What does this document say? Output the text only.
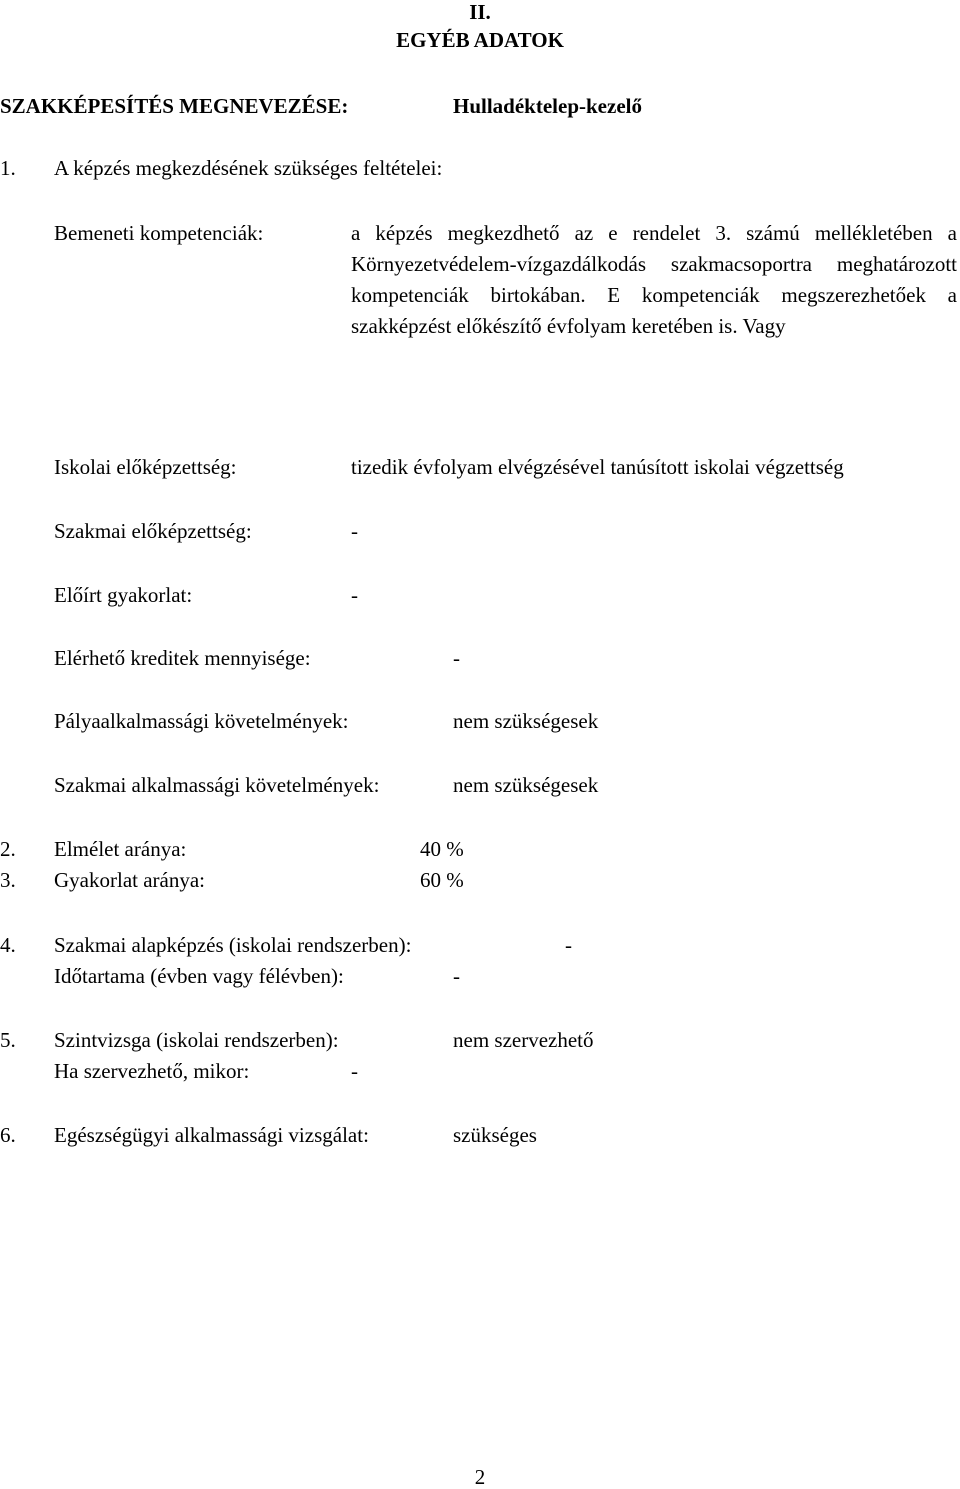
II.

EGYÉB ADATOK

SZAKKÉPESÍTÉS MEGNEVEZÉSE:	Hulladéktelep-kezelő

1. A képzés megkezdésének szükséges feltételei:

Bemeneti kompetenciák:	a képzés megkezdhető az e rendelet 3. számú mellékletében a Környezetvédelem-vízgazdálkodás szakmacsoportra meghatározott kompetenciák birtokában. E kompetenciák megszerezhetőek a szakképzést előkészítő évfolyam keretében is. Vagy

Iskolai előképzettség:	tizedik évfolyam elvégzésével tanúsított iskolai végzettség

Szakmai előképzettség:	-

Előírt gyakorlat:	-

Elérhető kreditek mennyisége:	-

Pályaalkalmassági követelmények:	nem szükségesek

Szakmai alkalmassági követelmények:	nem szükségesek

2. Elmélet aránya:	40 %

3. Gyakorlat aránya:	60 %

4. Szakmai alapképzés (iskolai rendszerben):	-

Időtartama (évben vagy félévben):	-

5. Szintvizsga (iskolai rendszerben):	nem szervezhető

Ha szervezhető, mikor:	-

6. Egészségügyi alkalmassági vizsgálat:	szükséges

2
